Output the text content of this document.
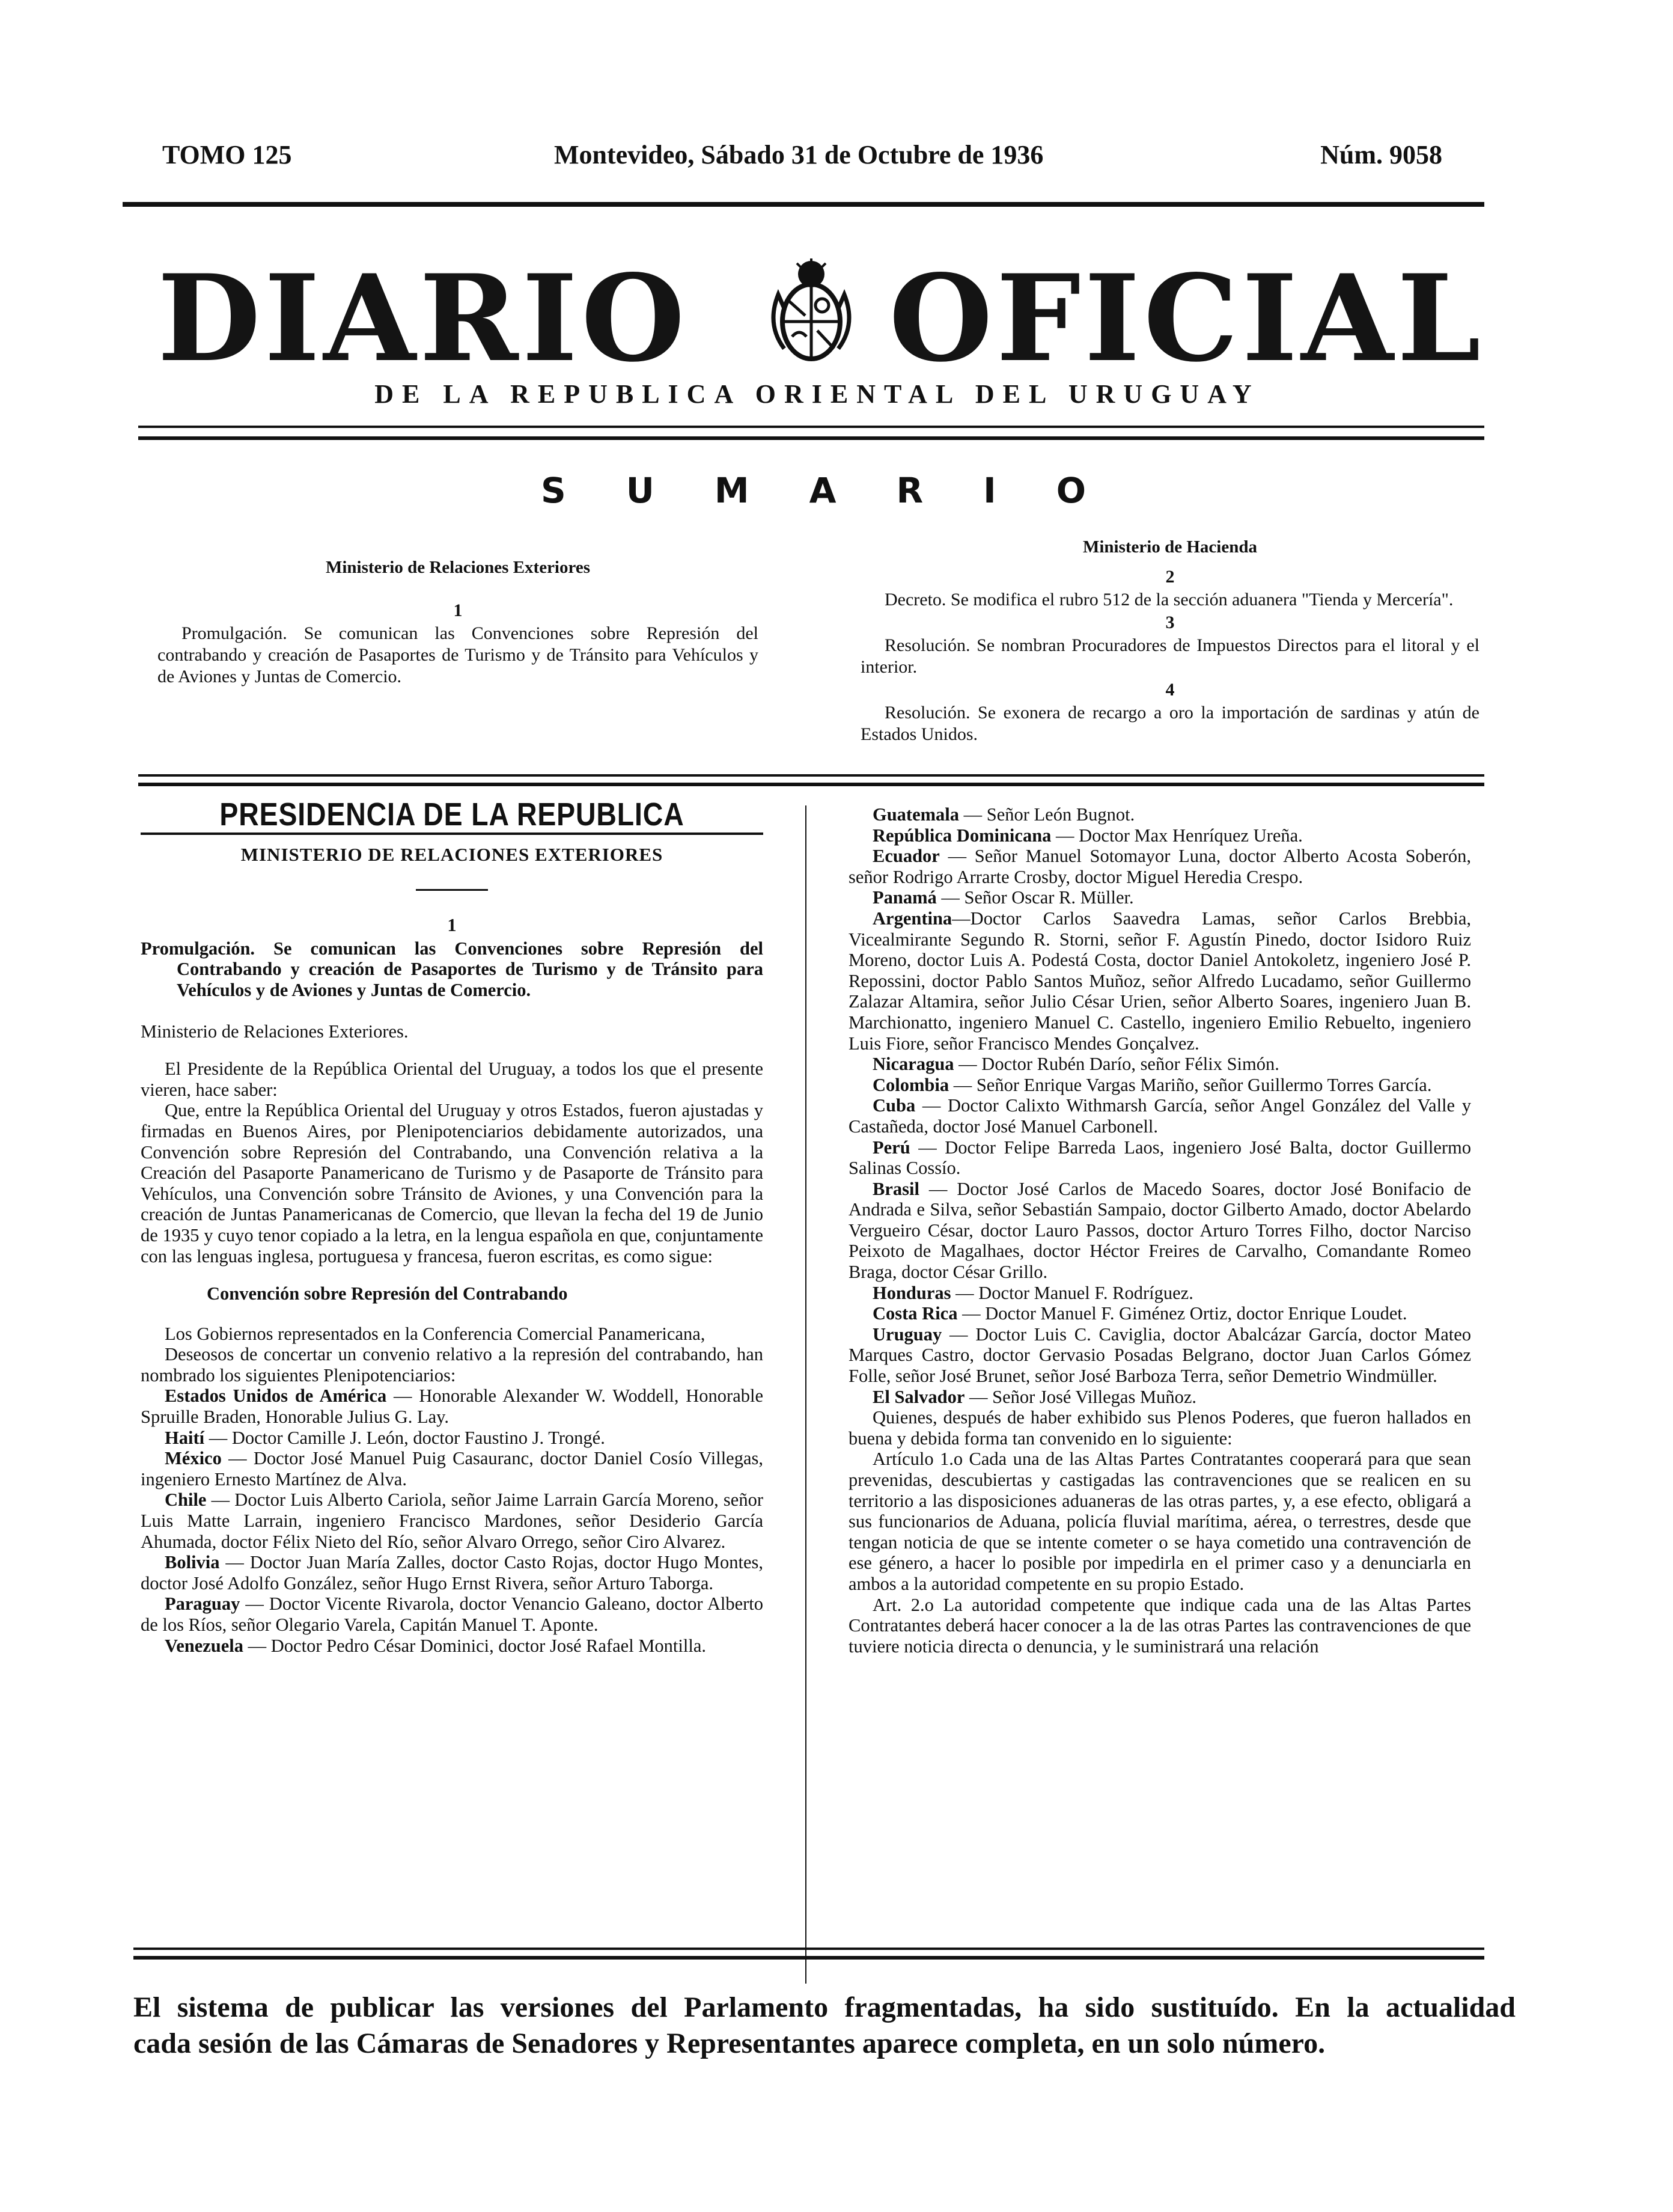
TOMO 125	Montevideo, Sábado 31 de Octubre de 1936	Núm. 9058
DIARIO OFICIAL
DE LA REPUBLICA ORIENTAL DEL URUGUAY
SUMARIO
Ministerio de Relaciones Exteriores
1

Promulgación. Se comunican las Convenciones sobre Represión del contrabando y creación de Pasaportes de Turismo y de Tránsito para Vehículos y de Aviones y Juntas de Comercio.

Ministerio de Hacienda
2

Decreto. Se modifica el rubro 512 de la sección aduanera "Tienda y Mercería".

3

Resolución. Se nombran Procuradores de Impuestos Directos para el litoral y el interior.

4

Resolución. Se exonera de recargo a oro la importación de sardinas y atún de Estados Unidos.

PRESIDENCIA DE LA REPUBLICA
MINISTERIO DE RELACIONES EXTERIORES
1

Promulgación. Se comunican las Convenciones sobre Represión del Contrabando y creación de Pasaportes de Turismo y de Tránsito para Vehículos y de Aviones y Juntas de Comercio.

Ministerio de Relaciones Exteriores.

El Presidente de la República Oriental del Uruguay, a todos los que el presente vieren, hace saber:

Que, entre la República Oriental del Uruguay y otros Estados, fueron ajustadas y firmadas en Buenos Aires, por Plenipotenciarios debidamente autorizados, una Convención sobre Represión del Contrabando, una Convención relativa a la Creación del Pasaporte Panamericano de Turismo y de Pasaporte de Tránsito para Vehículos, una Convención sobre Tránsito de Aviones, y una Convención para la creación de Juntas Panamericanas de Comercio, que llevan la fecha del 19 de Junio de 1935 y cuyo tenor copiado a la letra, en la lengua española en que, conjuntamente con las lenguas inglesa, portuguesa y francesa, fueron escritas, es como sigue:

Convención sobre Represión del Contrabando

Los Gobiernos representados en la Conferencia Comercial Panamericana,

Deseosos de concertar un convenio relativo a la represión del contrabando, han nombrado los siguientes Plenipotenciarios:

Estados Unidos de América — Honorable Alexander W. Woddell, Honorable Spruille Braden, Honorable Julius G. Lay.

Haití — Doctor Camille J. León, doctor Faustino J. Trongé.

México — Doctor José Manuel Puig Casauranc, doctor Daniel Cosío Villegas, ingeniero Ernesto Martínez de Alva.

Chile — Doctor Luis Alberto Cariola, señor Jaime Larrain García Moreno, señor Luis Matte Larrain, ingeniero Francisco Mardones, señor Desiderio García Ahumada, doctor Félix Nieto del Río, señor Alvaro Orrego, señor Ciro Alvarez.

Bolivia — Doctor Juan María Zalles, doctor Casto Rojas, doctor Hugo Montes, doctor José Adolfo González, señor Hugo Ernst Rivera, señor Arturo Taborga.

Paraguay — Doctor Vicente Rivarola, doctor Venancio Galeano, doctor Alberto de los Ríos, señor Olegario Varela, Capitán Manuel T. Aponte.

Venezuela — Doctor Pedro César Dominici, doctor José Rafael Montilla.

Guatemala — Señor León Bugnot.

República Dominicana — Doctor Max Henríquez Ureña.

Ecuador — Señor Manuel Sotomayor Luna, doctor Alberto Acosta Soberón, señor Rodrigo Arrarte Crosby, doctor Miguel Heredia Crespo.

Panamá — Señor Oscar R. Müller.

Argentina—Doctor Carlos Saavedra Lamas, señor Carlos Brebbia, Vicealmirante Segundo R. Storni, señor F. Agustín Pinedo, doctor Isidoro Ruiz Moreno, doctor Luis A. Podestá Costa, doctor Daniel Antokoletz, ingeniero José P. Repossini, doctor Pablo Santos Muñoz, señor Alfredo Lucadamo, señor Guillermo Zalazar Altamira, señor Julio César Urien, señor Alberto Soares, ingeniero Juan B. Marchionatto, ingeniero Manuel C. Castello, ingeniero Emilio Rebuelto, ingeniero Luis Fiore, señor Francisco Mendes Gonçalvez.

Nicaragua — Doctor Rubén Darío, señor Félix Simón.

Colombia — Señor Enrique Vargas Mariño, señor Guillermo Torres García.

Cuba — Doctor Calixto Withmarsh García, señor Angel González del Valle y Castañeda, doctor José Manuel Carbonell.

Perú — Doctor Felipe Barreda Laos, ingeniero José Balta, doctor Guillermo Salinas Cossío.

Brasil — Doctor José Carlos de Macedo Soares, doctor José Bonifacio de Andrada e Silva, señor Sebastián Sampaio, doctor Gilberto Amado, doctor Abelardo Vergueiro César, doctor Lauro Passos, doctor Arturo Torres Filho, doctor Narciso Peixoto de Magalhaes, doctor Héctor Freires de Carvalho, Comandante Romeo Braga, doctor César Grillo.

Honduras — Doctor Manuel F. Rodríguez.

Costa Rica — Doctor Manuel F. Giménez Ortiz, doctor Enrique Loudet.

Uruguay — Doctor Luis C. Caviglia, doctor Abalcázar García, doctor Mateo Marques Castro, doctor Gervasio Posadas Belgrano, doctor Juan Carlos Gómez Folle, señor José Brunet, señor José Barboza Terra, señor Demetrio Windmüller.

El Salvador — Señor José Villegas Muñoz.

Quienes, después de haber exhibido sus Plenos Poderes, que fueron hallados en buena y debida forma tan convenido en lo siguiente:

Artículo 1.o Cada una de las Altas Partes Contratantes cooperará para que sean prevenidas, descubiertas y castigadas las contravenciones que se realicen en su territorio a las disposiciones aduaneras de las otras partes, y, a ese efecto, obligará a sus funcionarios de Aduana, policía fluvial marítima, aérea, o terrestres, desde que tengan noticia de que se intente cometer o se haya cometido una contravención de ese género, a hacer lo posible por impedirla en el primer caso y a denunciarla en ambos a la autoridad competente en su propio Estado.

Art. 2.o La autoridad competente que indique cada una de las Altas Partes Contratantes deberá hacer conocer a la de las otras Partes las contravenciones de que tuviere noticia directa o denuncia, y le suministrará una relación

El sistema de publicar las versiones del Parlamento fragmentadas, ha sido sustituído. En la actualidad

cada sesión de las Cámaras de Senadores y Representantes aparece completa, en un solo número.
